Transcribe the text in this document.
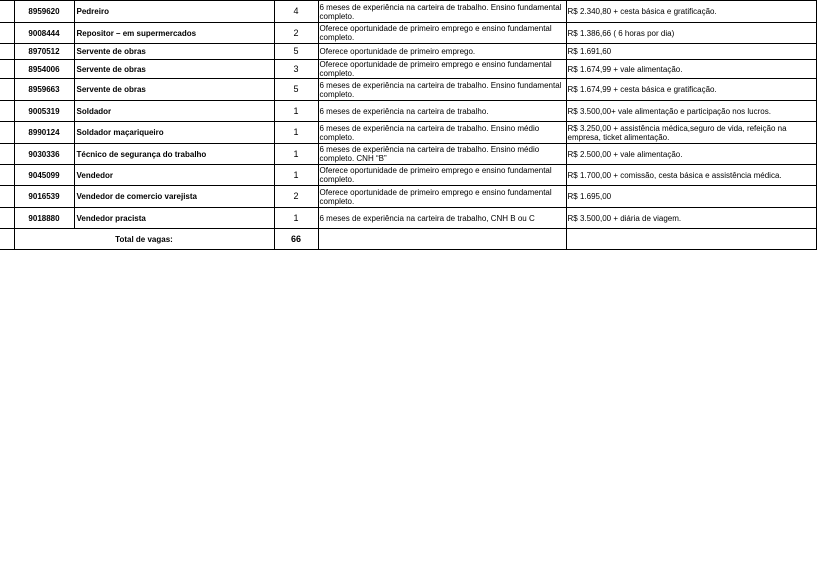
	8959620	Pedreiro	4	6 meses de experiência na carteira de trabalho. Ensino fundamental completo.	R$ 2.340,80 + cesta básica e gratificação.
	9008444	Repositor – em supermercados	2	Oferece oportunidade de primeiro emprego e ensino fundamental completo.	R$ 1.386,66 ( 6 horas por dia)
	8970512	Servente de obras	5	Oferece oportunidade de primeiro emprego.	R$ 1.691,60
	8954006	Servente de obras	3	Oferece oportunidade de primeiro emprego e ensino fundamental completo.	R$ 1.674,99 + vale alimentação.
	8959663	Servente de obras	5	6 meses de experiência na carteira de trabalho. Ensino fundamental completo.	R$ 1.674,99 + cesta básica e gratificação.
	9005319	Soldador	1	6 meses de experiência na carteira de trabalho.	R$ 3.500,00+ vale alimentação e participação nos lucros.
	8990124	Soldador maçariqueiro	1	6 meses de experiência na carteira de trabalho. Ensino médio completo.	R$ 3.250,00 + assistência médica,seguro de vida, refeição na empresa, ticket alimentação.
	9030336	Técnico de segurança do trabalho	1	6 meses de experiência na carteira de trabalho. Ensino médio completo. CNH “B”	R$ 2.500,00 + vale alimentação.
	9045099	Vendedor	1	Oferece oportunidade de primeiro emprego e ensino fundamental completo.	R$ 1.700,00 + comissão, cesta básica e assistência médica.
	9016539	Vendedor de comercio varejista	2	Oferece oportunidade de primeiro emprego e ensino fundamental completo.	R$ 1.695,00
	9018880	Vendedor pracista	1	6 meses de experiência na carteira de trabalho, CNH B ou C	R$ 3.500,00 + diária de viagem.
	Total de vagas:		66		
